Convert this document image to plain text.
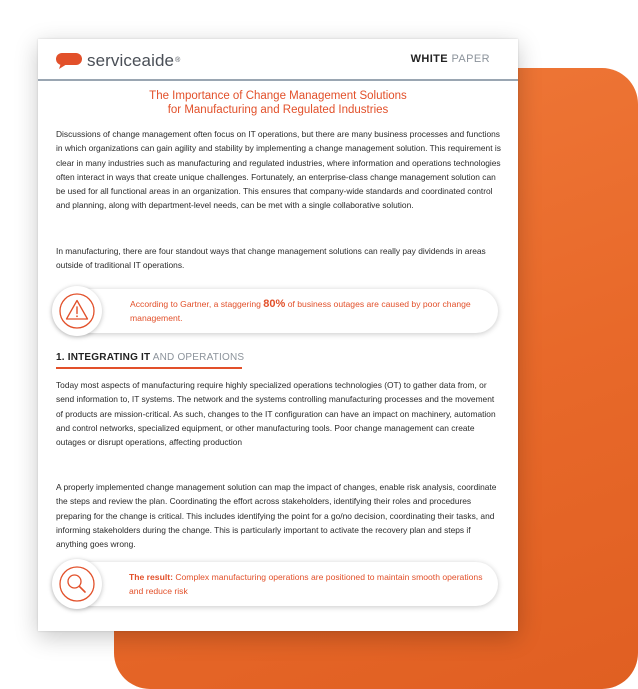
serviceaide ®	WHITE PAPER
The Importance of Change Management Solutions
for Manufacturing and Regulated Industries
Discussions of change management often focus on IT operations, but there are many business processes and functions in which organizations can gain agility and stability by implementing a change management solution. This requirement is clear in many industries such as manufacturing and regulated industries, where information and operations technologies often interact in ways that create unique challenges. Fortunately, an enterprise-class change management solution can be used for all functional areas in an organization. This ensures that company-wide standards and coordinated control and planning, along with department-level needs, can be met with a single collaborative solution.
In manufacturing, there are four standout ways that change management solutions can really pay dividends in areas outside of traditional IT operations.
According to Gartner, a staggering 80% of business outages are caused by poor change management.
1. INTEGRATING IT AND OPERATIONS
Today most aspects of manufacturing require highly specialized operations technologies (OT) to gather data from, or send information to, IT systems. The network and the systems controlling manufacturing processes and the movement of products are mission-critical. As such, changes to the IT configuration can have an impact on machinery, automation and control networks, specialized equipment, or other manufacturing tools. Poor change management can create outages or disrupt operations, affecting production
A properly implemented change management solution can map the impact of changes, enable risk analysis, coordinate the steps and review the plan. Coordinating the effort across stakeholders, identifying their roles and procedures preparing for the change is critical. This includes identifying the point for a go/no decision, coordinating their tasks, and informing stakeholders during the change. This is particularly important to activate the recovery plan and steps if anything goes wrong.
The result: Complex manufacturing operations are positioned to maintain smooth operations and reduce risk
